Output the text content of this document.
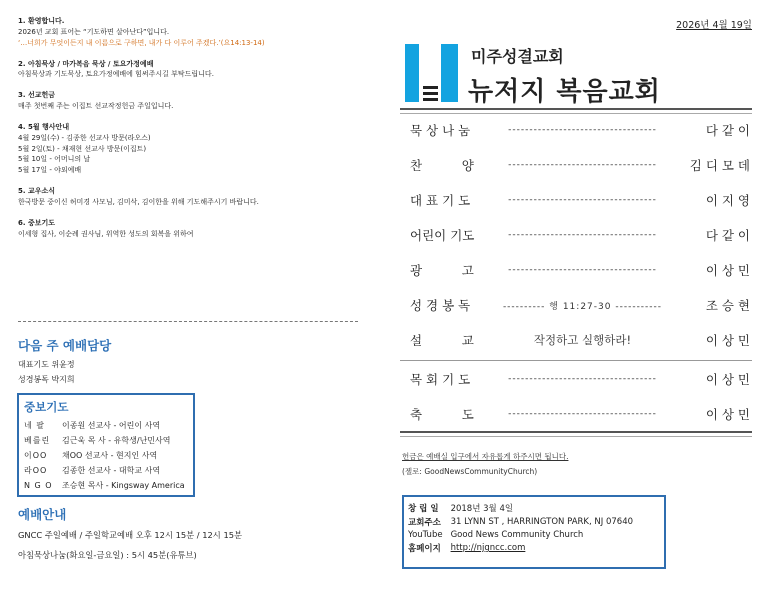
1. 환영합니다.
2026년 교회 표어는 “기도하면 살아난다”입니다.
‘…너희가 무엇이든지 내 이름으로 구하면, 내가 다 이루어 주겠다.’(요14:13-14)
2. 아침묵상 / 마가복음 묵상 / 토요가정예배
아침묵상과 기도묵상, 토요가정예배에 힘써주시길 부탁드립니다.
3. 선교헌금
매주 첫번째 주는 이집트 선교작정헌금 주일입니다.
4. 5월 행사안내
4월 29일(수) - 김종한 선교사 방문(라오스)
5월 2일(토) - 채재현 선교사 방문(이집트)
5월 10일 - 어머니의 날
5월 17일 - 야외예배
5. 교우소식
한국방문 중이신 허미경 사모님, 김미삭, 김이한을 위해 기도해주시기 바랍니다.
6. 중보기도
이세형 집사, 이순례 권사님, 위역한 성도의 회복을 위하여
다음 주 예배담당
대표기도 위윤정
성경봉독 박지희
중보기도
네 팔	이종원 선교사 - 어린이 사역
베를린	김근욱 목 사 - 유학생/난민사역
이OO	채OO 선교사 - 현지인 사역
라OO	김종한 선교사 - 대학교 사역
N G O	조승현 목사 - Kingsway America
예배안내
GNCC 주일예배 / 주일학교예배 오후 12시 15분 / 12시 15분
아침묵상나눔(화요일-금요일) : 5시 45분(유튜브)
2026년 4월 19일
미주성결교회
뉴저지 복음교회
묵 상 나 눔	-----------------------------------	다 같 이
찬          양	-----------------------------------	김 디 모 데
대 표 기 도	-----------------------------------	이 지 영
어린이 기도	-----------------------------------	다 같 이
광          고	-----------------------------------	이 상 민
성 경 봉 독	---------- 행 11:27-30 -----------	조 승 현
설          교	작정하고 실행하라!	이 상 민
목 회 기 도	-----------------------------------	이 상 민
축          도	-----------------------------------	이 상 민
헌금은 예배실 입구에서 자유롭게 하주시면 됩니다.
(젤로: GoodNewsCommunityChurch)
창 립 일	2018년 3월 4일
교회주소	31 LYNN ST , HARRINGTON PARK, NJ 07640
YouTube	Good News Community Church
홈페이지	http://njgncc.com
